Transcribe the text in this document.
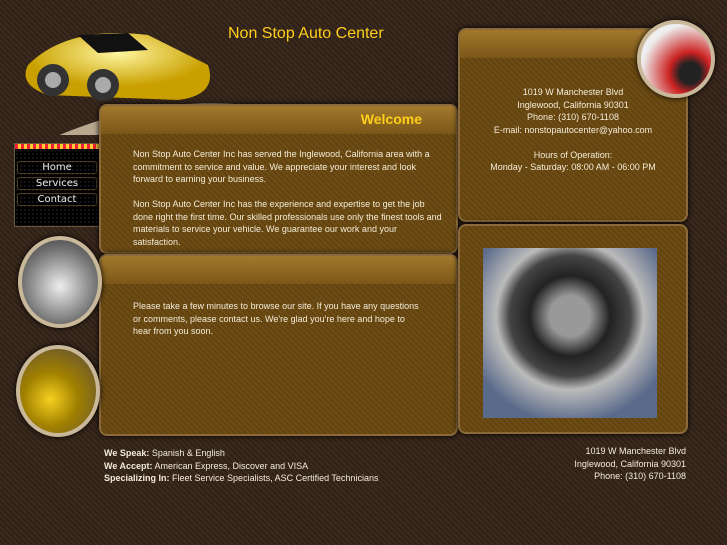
Non Stop Auto Center
Home
Services
Contact
Welcome

Non Stop Auto Center Inc has served the Inglewood, California area with a commitment to service and value. We appreciate your interest and look forward to earning your business.

Non Stop Auto Center Inc has the experience and expertise to get the job done right the first time. Our skilled professionals use only the finest tools and materials to service your vehicle. We guarantee our work and your satisfaction.

Please take a few minutes to browse our site. If you have any questions or comments, please contact us. We're glad you're here and hope to hear from you soon.

1019 W Manchester Blvd
Inglewood, California 90301
Phone: (310) 670-1108
E-mail: nonstopautocenter@yahoo.com

Hours of Operation:
Monday - Saturday: 08:00 AM - 06:00 PM
We Speak: Spanish & English
We Accept: American Express, Discover and VISA
Specializing In: Fleet Service Specialists, ASC Certified Technicians
1019 W Manchester Blvd
Inglewood, California 90301
Phone: (310) 670-1108
